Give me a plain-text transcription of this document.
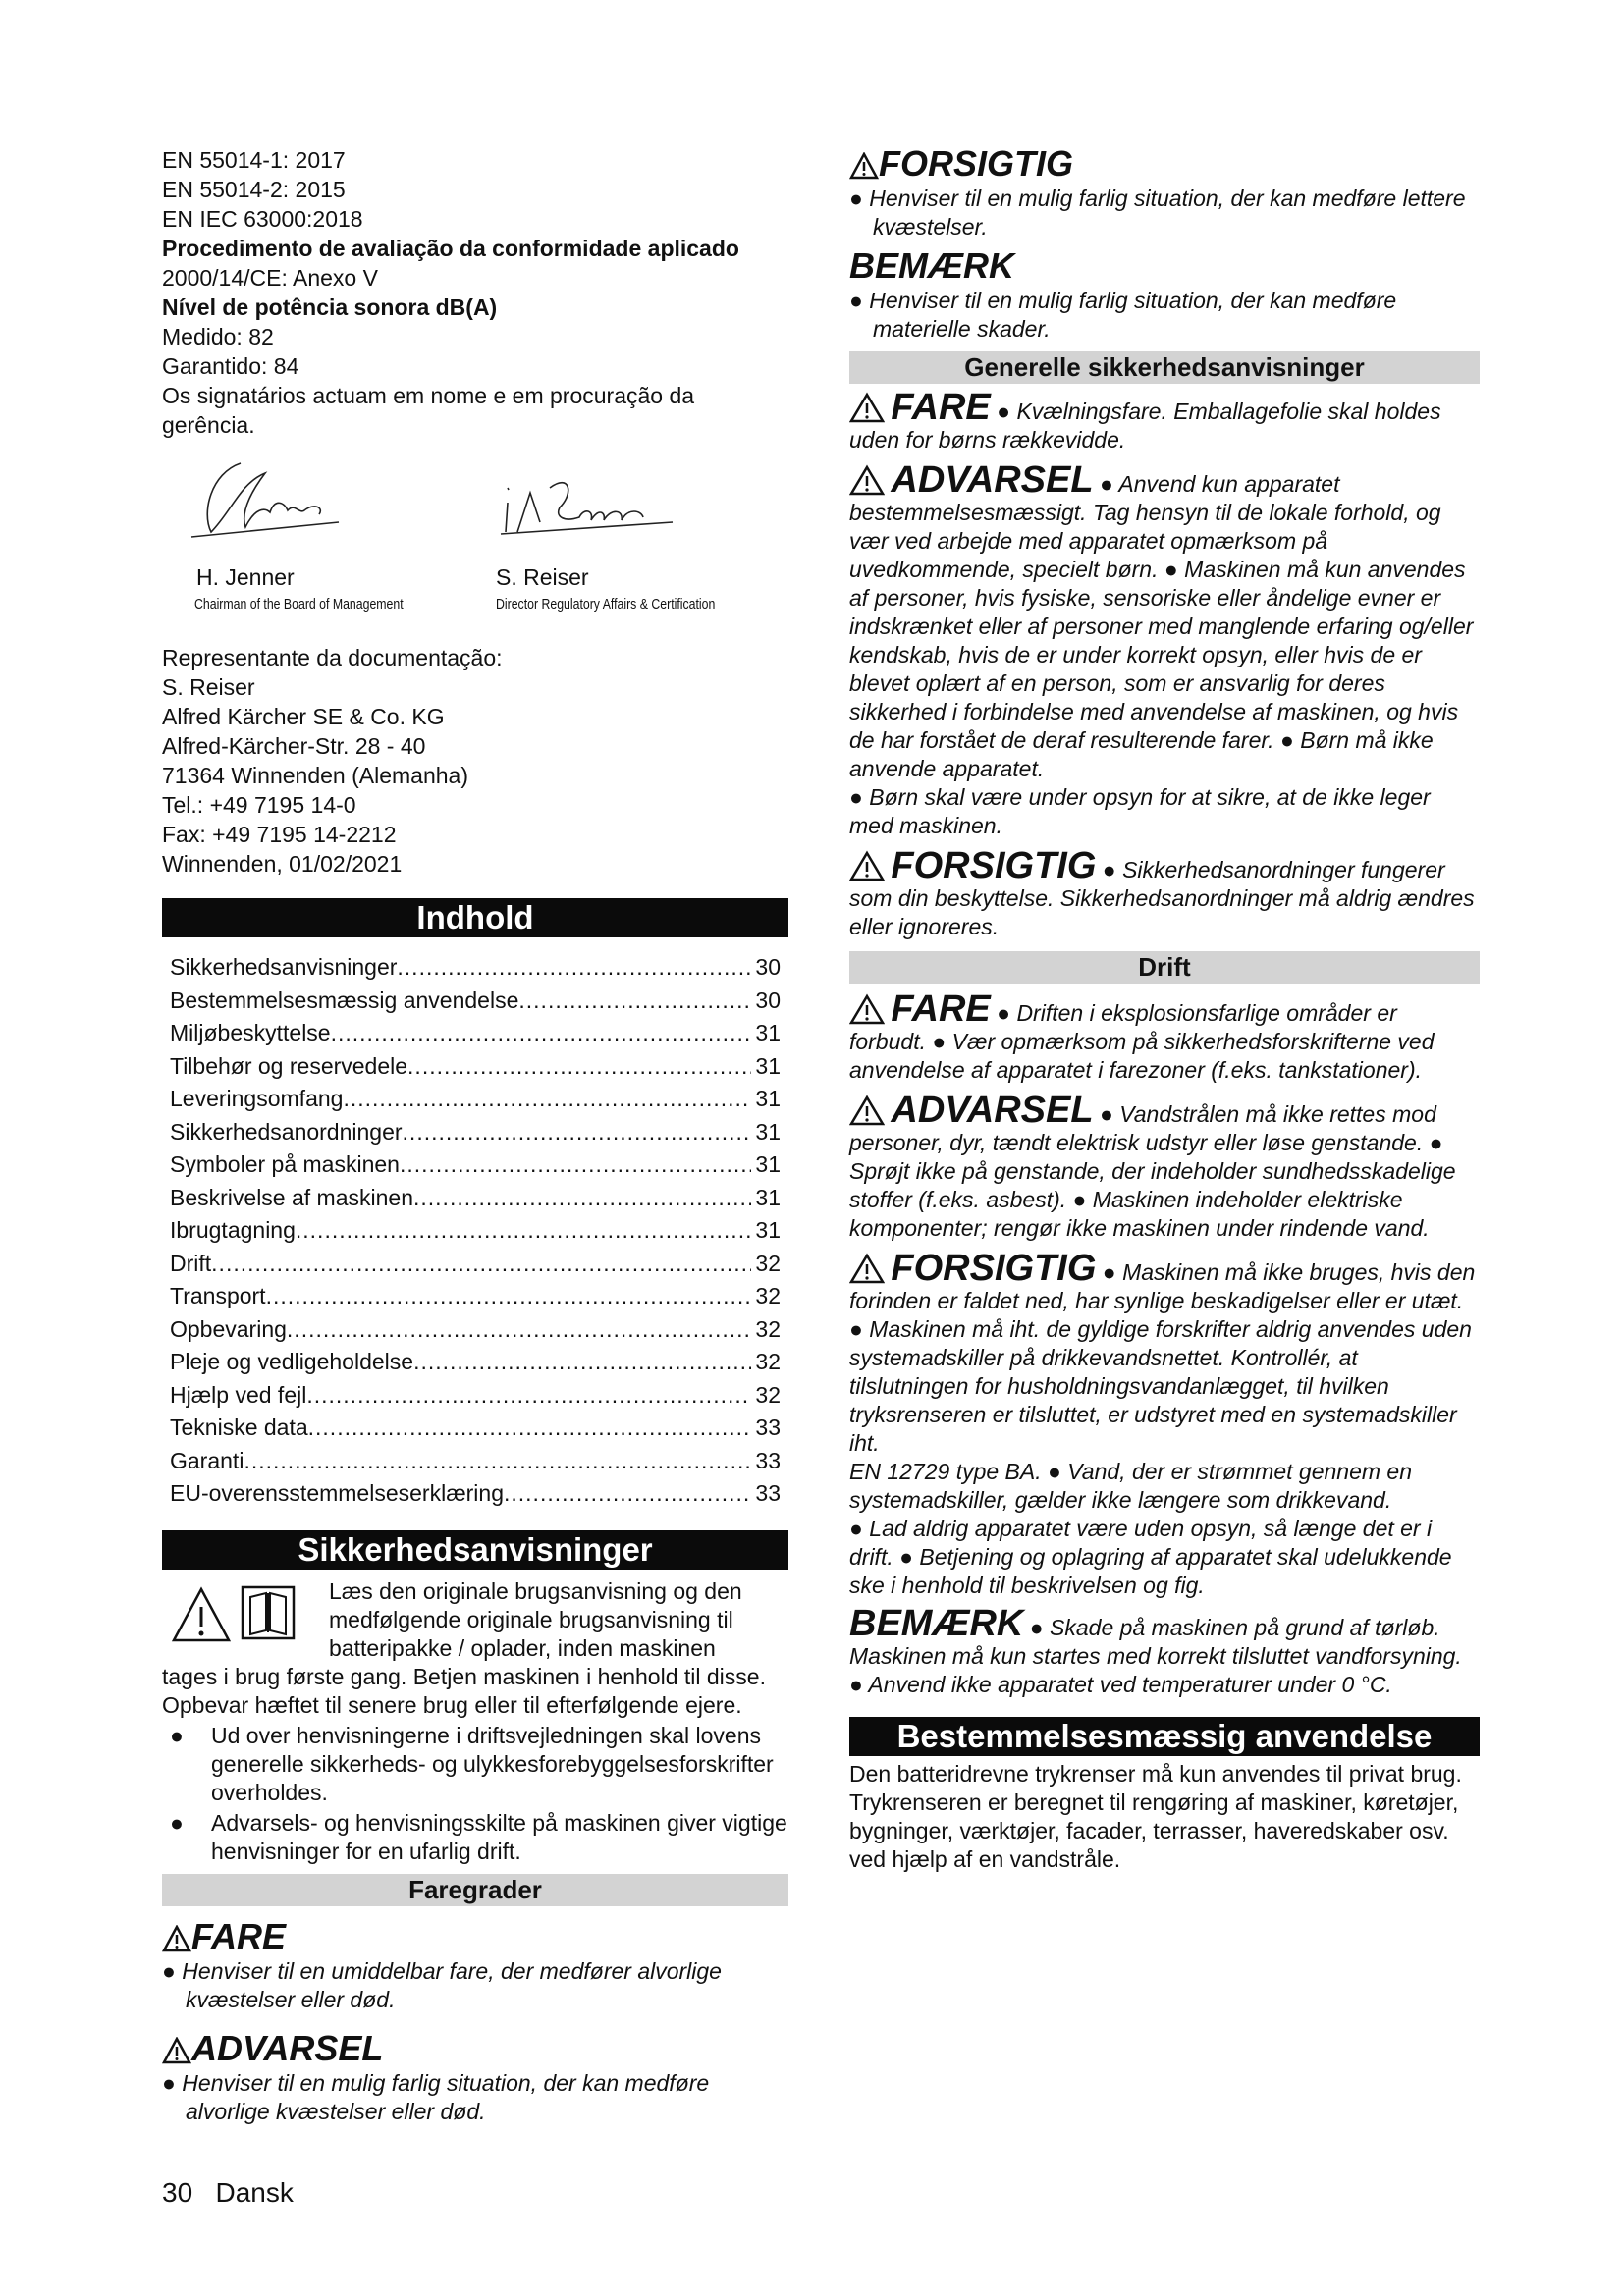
EN 55014-1: 2017

EN 55014-2: 2015

EN IEC 63000:2018

Procedimento de avaliação da conformidade aplicado

2000/14/CE: Anexo V

Nível de potência sonora dB(A)

Medido: 82

Garantido: 84

Os signatários actuam em nome e em procuração da gerência.

H. Jenner
Chairman of the Board of Management
S. Reiser
Director Regulatory Affairs & Certification

Representante da documentação:

S. Reiser

Alfred Kärcher SE & Co. KG

Alfred-Kärcher-Str. 28 - 40

71364 Winnenden (Alemanha)

Tel.: +49 7195 14-0

Fax: +49 7195 14-2212

Winnenden, 01/02/2021

Indhold
Sikkerhedsanvisninger .....	30
Bestemmelsesmæssig anvendelse .....	30
Miljøbeskyttelse .....	31
Tilbehør og reservedele .....	31
Leveringsomfang .....	31
Sikkerhedsanordninger .....	31
Symboler på maskinen .....	31
Beskrivelse af maskinen .....	31
Ibrugtagning .....	31
Drift .....	32
Transport .....	32
Opbevaring .....	32
Pleje og vedligeholdelse .....	32
Hjælp ved fejl .....	32
Tekniske data .....	33
Garanti .....	33
EU-overensstemmelseserklæring .....	33
Sikkerhedsanvisninger

Læs den originale brugsanvisning og den

medfølgende originale brugsanvisning til

batteripakke / oplader, inden maskinen

tages i brug første gang. Betjen maskinen i henhold til disse. Opbevar hæftet til senere brug eller til efterfølgende ejere.

●	Ud over henvisningerne i driftsvejledningen skal lovens generelle sikkerheds- og ulykkesforebyggelsesforskrifter overholdes.
●	Advarsels- og henvisningsskilte på maskinen giver vigtige henvisninger for en ufarlig drift.
Faregrader

FARE

● Henviser til en umiddelbar fare, der medfører alvorlige kvæstelser eller død.

ADVARSEL

● Henviser til en mulig farlig situation, der kan medføre alvorlige kvæstelser eller død.

FORSIGTIG

● Henviser til en mulig farlig situation, der kan medføre lettere kvæstelser.

BEMÆRK

● Henviser til en mulig farlig situation, der kan medføre materielle skader.

Generelle sikkerhedsanvisninger

FARE ● Kvælningsfare. Emballagefolie skal holdes uden for børns rækkevidde.

ADVARSEL ● Anvend kun apparatet bestemmelsesmæssigt. Tag hensyn til de lokale forhold, og vær ved arbejde med apparatet opmærksom på uvedkommende, specielt børn. ● Maskinen må kun anvendes af personer, hvis fysiske, sensoriske eller åndelige evner er indskrænket eller af personer med manglende erfaring og/eller kendskab, hvis de er under korrekt opsyn, eller hvis de er blevet oplært af en person, som er ansvarlig for deres sikkerhed i forbindelse med anvendelse af maskinen, og hvis de har forstået de deraf resulterende farer. ● Børn må ikke anvende apparatet.

● Børn skal være under opsyn for at sikre, at de ikke leger med maskinen.

FORSIGTIG ● Sikkerhedsanordninger fungerer som din beskyttelse. Sikkerhedsanordninger må aldrig ændres eller ignoreres.

Drift

FARE ● Driften i eksplosionsfarlige områder er forbudt. ● Vær opmærksom på sikkerhedsforskrifterne ved anvendelse af apparatet i farezoner (f.eks. tankstationer).

ADVARSEL ● Vandstrålen må ikke rettes mod personer, dyr, tændt elektrisk udstyr eller løse genstande. ● Sprøjt ikke på genstande, der indeholder sundhedsskadelige stoffer (f.eks. asbest). ● Maskinen indeholder elektriske komponenter; rengør ikke maskinen under rindende vand.

FORSIGTIG ● Maskinen må ikke bruges, hvis den forinden er faldet ned, har synlige beskadigelser eller er utæt. ● Maskinen må iht. de gyldige forskrifter aldrig anvendes uden systemadskiller på drikkevandsnettet. Kontrollér, at tilslutningen for husholdningsvandanlægget, til hvilken tryksrenseren er tilsluttet, er udstyret med en systemadskiller iht.

EN 12729 type BA. ● Vand, der er strømmet gennem en systemadskiller, gælder ikke længere som drikkevand.

● Lad aldrig apparatet være uden opsyn, så længe det er i drift. ● Betjening og oplagring af apparatet skal udelukkende ske i henhold til beskrivelsen og fig.

BEMÆRK ● Skade på maskinen på grund af tørløb. Maskinen må kun startes med korrekt tilsluttet vandforsyning. ● Anvend ikke apparatet ved temperaturer under 0 °C.

Bestemmelsesmæssig anvendelse

Den batteridrevne trykrenser må kun anvendes til privat brug.

Trykrenseren er beregnet til rengøring af maskiner, køretøjer, bygninger, værktøjer, facader, terrasser, haveredskaber osv. ved hjælp af en vandstråle.

30 Dansk
